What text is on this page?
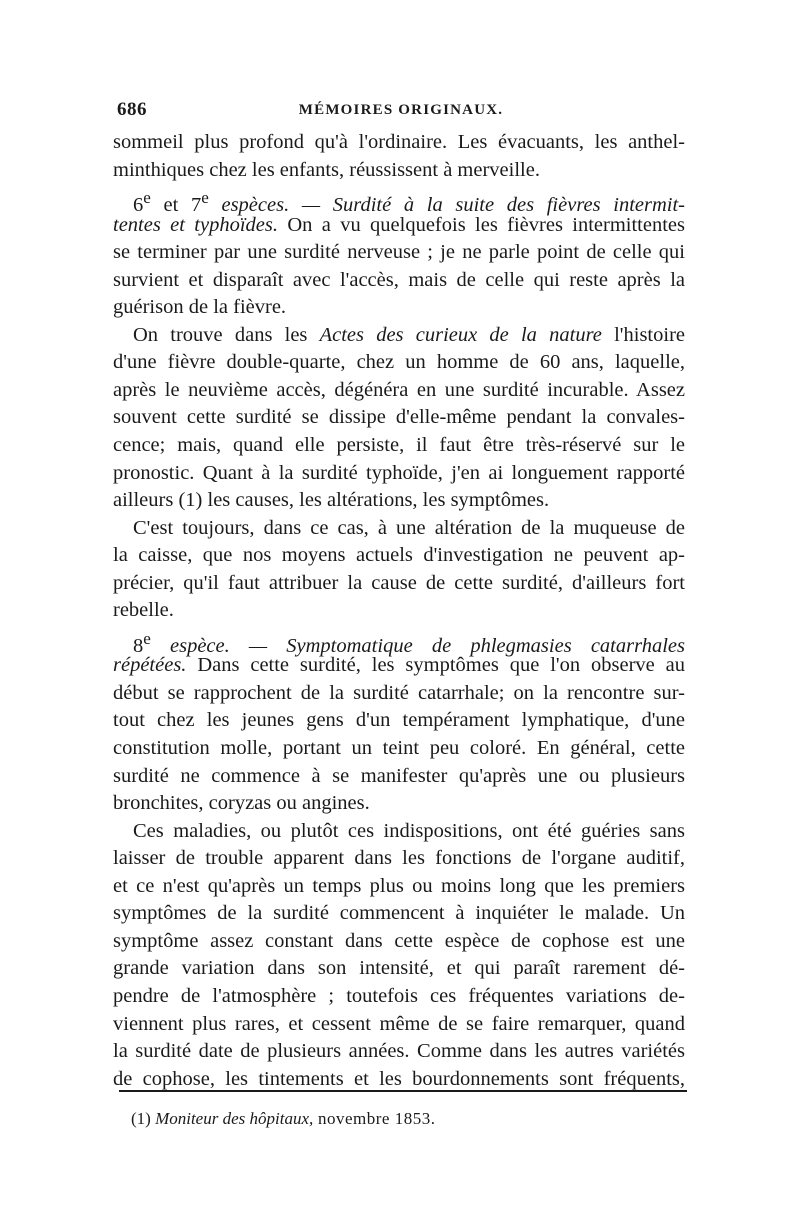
686	MÉMOIRES ORIGINAUX.
sommeil plus profond qu'à l'ordinaire. Les évacuants, les anthel-
minthiques chez les enfants, réussissent à merveille.
6e et 7e espèces. — Surdité à la suite des fièvres intermit-
tentes et typhoïdes. On a vu quelquefois les fièvres intermittentes
se terminer par une surdité nerveuse ; je ne parle point de celle qui
survient et disparaît avec l'accès, mais de celle qui reste après la
guérison de la fièvre.
On trouve dans les Actes des curieux de la nature l'histoire
d'une fièvre double-quarte, chez un homme de 60 ans, laquelle,
après le neuvième accès, dégénéra en une surdité incurable. Assez
souvent cette surdité se dissipe d'elle-même pendant la convales-
cence; mais, quand elle persiste, il faut être très-réservé sur le
pronostic. Quant à la surdité typhoïde, j'en ai longuement rapporté
ailleurs (1) les causes, les altérations, les symptômes.
C'est toujours, dans ce cas, à une altération de la muqueuse de
la caisse, que nos moyens actuels d'investigation ne peuvent ap-
précier, qu'il faut attribuer la cause de cette surdité, d'ailleurs fort
rebelle.
8e espèce. — Symptomatique de phlegmasies catarrhales
répétées. Dans cette surdité, les symptômes que l'on observe au
début se rapprochent de la surdité catarrhale; on la rencontre sur-
tout chez les jeunes gens d'un tempérament lymphatique, d'une
constitution molle, portant un teint peu coloré. En général, cette
surdité ne commence à se manifester qu'après une ou plusieurs
bronchites, coryzas ou angines.
Ces maladies, ou plutôt ces indispositions, ont été guéries sans
laisser de trouble apparent dans les fonctions de l'organe auditif,
et ce n'est qu'après un temps plus ou moins long que les premiers
symptômes de la surdité commencent à inquiéter le malade. Un
symptôme assez constant dans cette espèce de cophose est une
grande variation dans son intensité, et qui paraît rarement dé-
pendre de l'atmosphère ; toutefois ces fréquentes variations de-
viennent plus rares, et cessent même de se faire remarquer, quand
la surdité date de plusieurs années. Comme dans les autres variétés
de cophose, les tintements et les bourdonnements sont fréquents,
(1) Moniteur des hôpitaux, novembre 1853.
